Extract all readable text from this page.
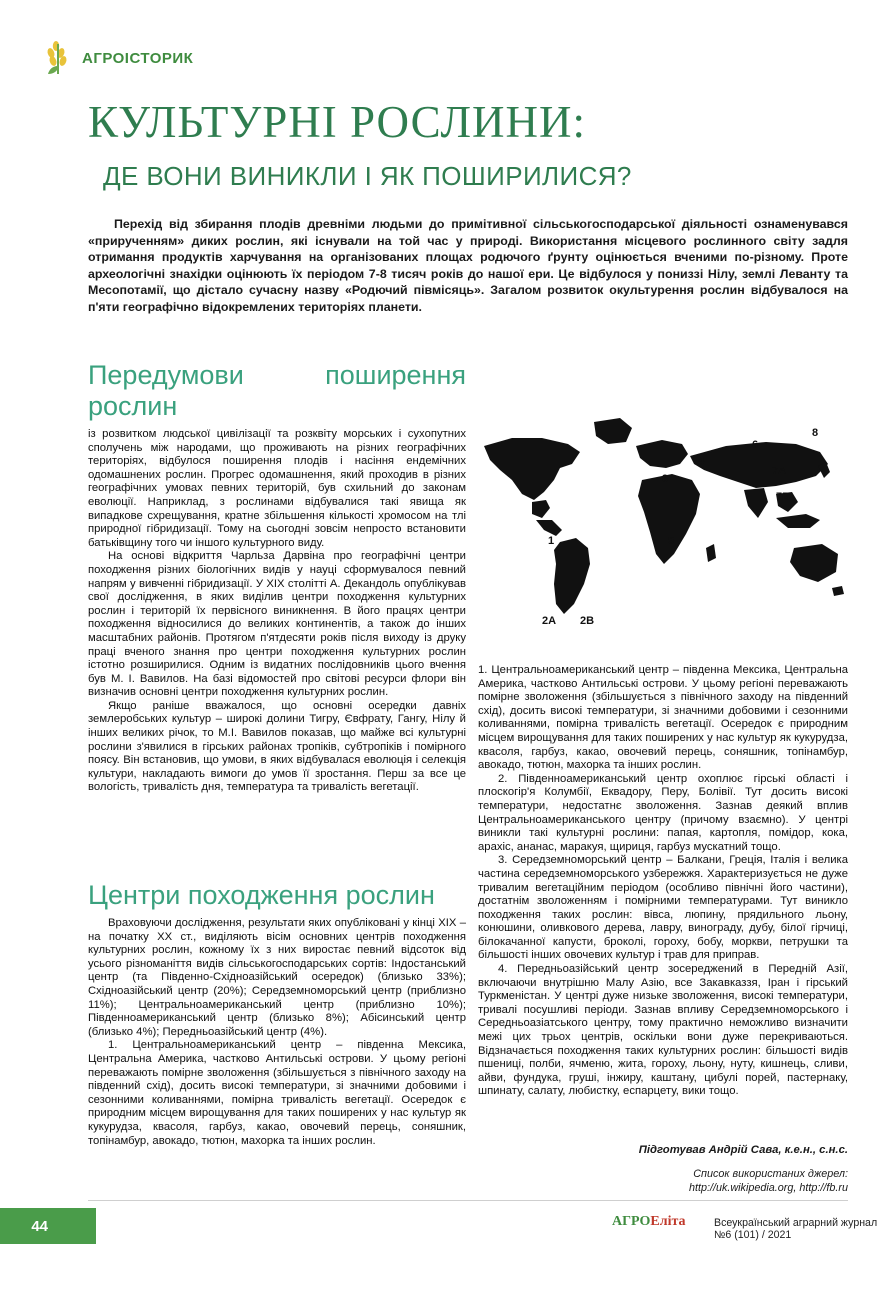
АГРОІСТОРИК
КУЛЬТУРНІ РОСЛИНИ:
ДЕ ВОНИ ВИНИКЛИ І ЯК ПОШИРИЛИСЯ?
Перехід від збирання плодів древніми людьми до примітивної сільськогосподарської діяльності ознаменувався «прирученням» диких рослин, які існували на той час у природі. Використання місцевого рослинного світу задля отримання продуктів харчування на організованих площах родючого ґрунту оцінюється вченими по-різному. Проте археологічні знахідки оцінюють їх періодом 7-8 тисяч років до нашої ери. Це відбулося у пониззі Нілу, землі Леванту та Месопотамії, що дістало сучасну назву «Родючий півмісяць». Загалом розвиток окультурення рослин відбувалося на п'яти географічно відокремлених територіях планети.
Передумови поширення рослин

із розвитком людської цивілізації та розквіту морських і сухопутних сполучень між народами, що проживають на різних географічних територіях, відбулося поширення плодів і насіння ендемічних одомашнених рослин. Прогрес одомашнення, який проходив в різних географічних умовах певних територій, був схильний до законам еволюції. Наприклад, з рослинами відбувалися такі явища як випадкове схрещування, кратне збільшення кількості хромосом на тлі природної гібридизації. Тому на сьогодні зовсім непросто встановити батьківщину того чи іншого культурного виду.

На основі відкриття Чарльза Дарвіна про географічні центри походження різних біологічних видів у науці сформувалося певний напрям у вивченні гібридизації. У XIX столітті А. Декандоль опублікував свої дослідження, в яких виділив центри походження культурних рослин і територій їх первісного виникнення. В його працях центри походження відносилися до великих континентів, а також до інших масштабних районів. Протягом п'ятдесяти років після виходу із друку праці вченого знання про центри походження культурних рослин істотно розширилися. Одним із видатних послідовників цього вчення був М. І. Вавилов. На базі відомостей про світові ресурси флори він визначив основні центри походження культурних рослин.

Якщо раніше вважалося, що основні осередки давніх землеробських культур – широкі долини Тигру, Євфрату, Гангу, Нілу й інших великих річок, то М.І. Вавилов показав, що майже всі культурні рослини з'явилися в гірських районах тропіків, субтропіків і помірного поясу. Він встановив, що умови, в яких відбувалася еволюція і селекція культури, накладають вимоги до умов її зростання. Перш за все це вологість, тривалість дня, температура та тривалість вегетації.

Центри походження рослин

Враховуючи дослідження, результати яких опубліковані у кінці XIX – на початку XX ст., виділяють вісім основних центрів походження культурних рослин, кожному їх з них виростає певний відсоток від усього різноманіття видів сільськогосподарських сортів: Індостанський центр (та Південно-Східноазійський осередок) (близько 33%); Східноазійський центр (20%); Середземноморський центр (приблизно 11%); Центральноамериканський центр (приблизно 10%); Південноамериканський центр (близько 8%); Абісинський центр (близько 4%); Передньоазійський центр (4%).

1. Центральноамериканський центр – південна Мексика, Центральна Америка, частково Антильські острови. У цьому регіоні переважають помірне зволоження (збільшується з північного заходу на південний схід), досить високі температури, зі значними добовими і сезонними коливаннями, помірна тривалість вегетації. Осередок є природним місцем вирощування для таких поширених у нас культур як кукурудза, квасоля, гарбуз, какао, овочевий перець, соняшник, топінамбур, авокадо, тютюн, махорка та інших рослин.

1
2A 2B
3
4
5
6
7A
7B
8

1. Центральноамериканський центр – південна Мексика, Центральна Америка, частково Антильські острови. У цьому регіоні переважають помірне зволоження (збільшується з північного заходу на південний схід), досить високі температури, зі значними добовими і сезонними коливаннями, помірна тривалість вегетації. Осередок є природним місцем вирощування для таких поширених у нас культур як кукурудза, квасоля, гарбуз, какао, овочевий перець, соняшник, топінамбур, авокадо, тютюн, махорка та інших рослин.

2. Південноамериканський центр охоплює гірські області і плоскогір'я Колумбії, Еквадору, Перу, Болівії. Тут досить високі температури, недостатнє зволоження. Зазнав деякий вплив Центральноамериканського центру (причому взаємно). У центрі виникли такі культурні рослини: папая, картопля, помідор, кока, арахіс, ананас, маракуя, щириця, гарбуз мускатний тощо.

3. Середземноморський центр – Балкани, Греція, Італія і велика частина середземноморського узбережжя. Характеризується не дуже тривалим вегетаційним періодом (особливо північні його частини), достатнім зволоженням і помірними температурами. Тут виникло походження таких рослин: вівса, люпину, прядильного льону, конюшини, оливкового дерева, лавру, винограду, дубу, білої гірчиці, білокачанної капусти, броколі, гороху, бобу, моркви, петрушки та більшості інших овочевих культур і трав для приправ.

4. Передньоазійський центр зосереджений в Передній Азії, включаючи внутрішню Малу Азію, все Закавказзя, Іран і гірський Туркменістан. У центрі дуже низьке зволоження, високі температури, тривалі посушливі періоди. Зазнав впливу Середземноморського і Середньоазіатського центру, тому практично неможливо визначити межі цих трьох центрів, оскільки вони дуже перекриваються. Відзначається походження таких культурних рослин: більшості видів пшениці, полби, ячменю, жита, гороху, льону, нуту, кишнець, сливи, айви, фундука, груші, інжиру, каштану, цибулі порей, пастернаку, шпинату, салату, любистку, еспарцету, вики тощо.

Підготував Андрій Сава, к.е.н., с.н.с.
Список використаних джерел:
http://uk.wikipedia.org, http://fb.ru
44	АГРОЕліта	Всеукраїнський аграрний журнал №6 (101) / 2021
